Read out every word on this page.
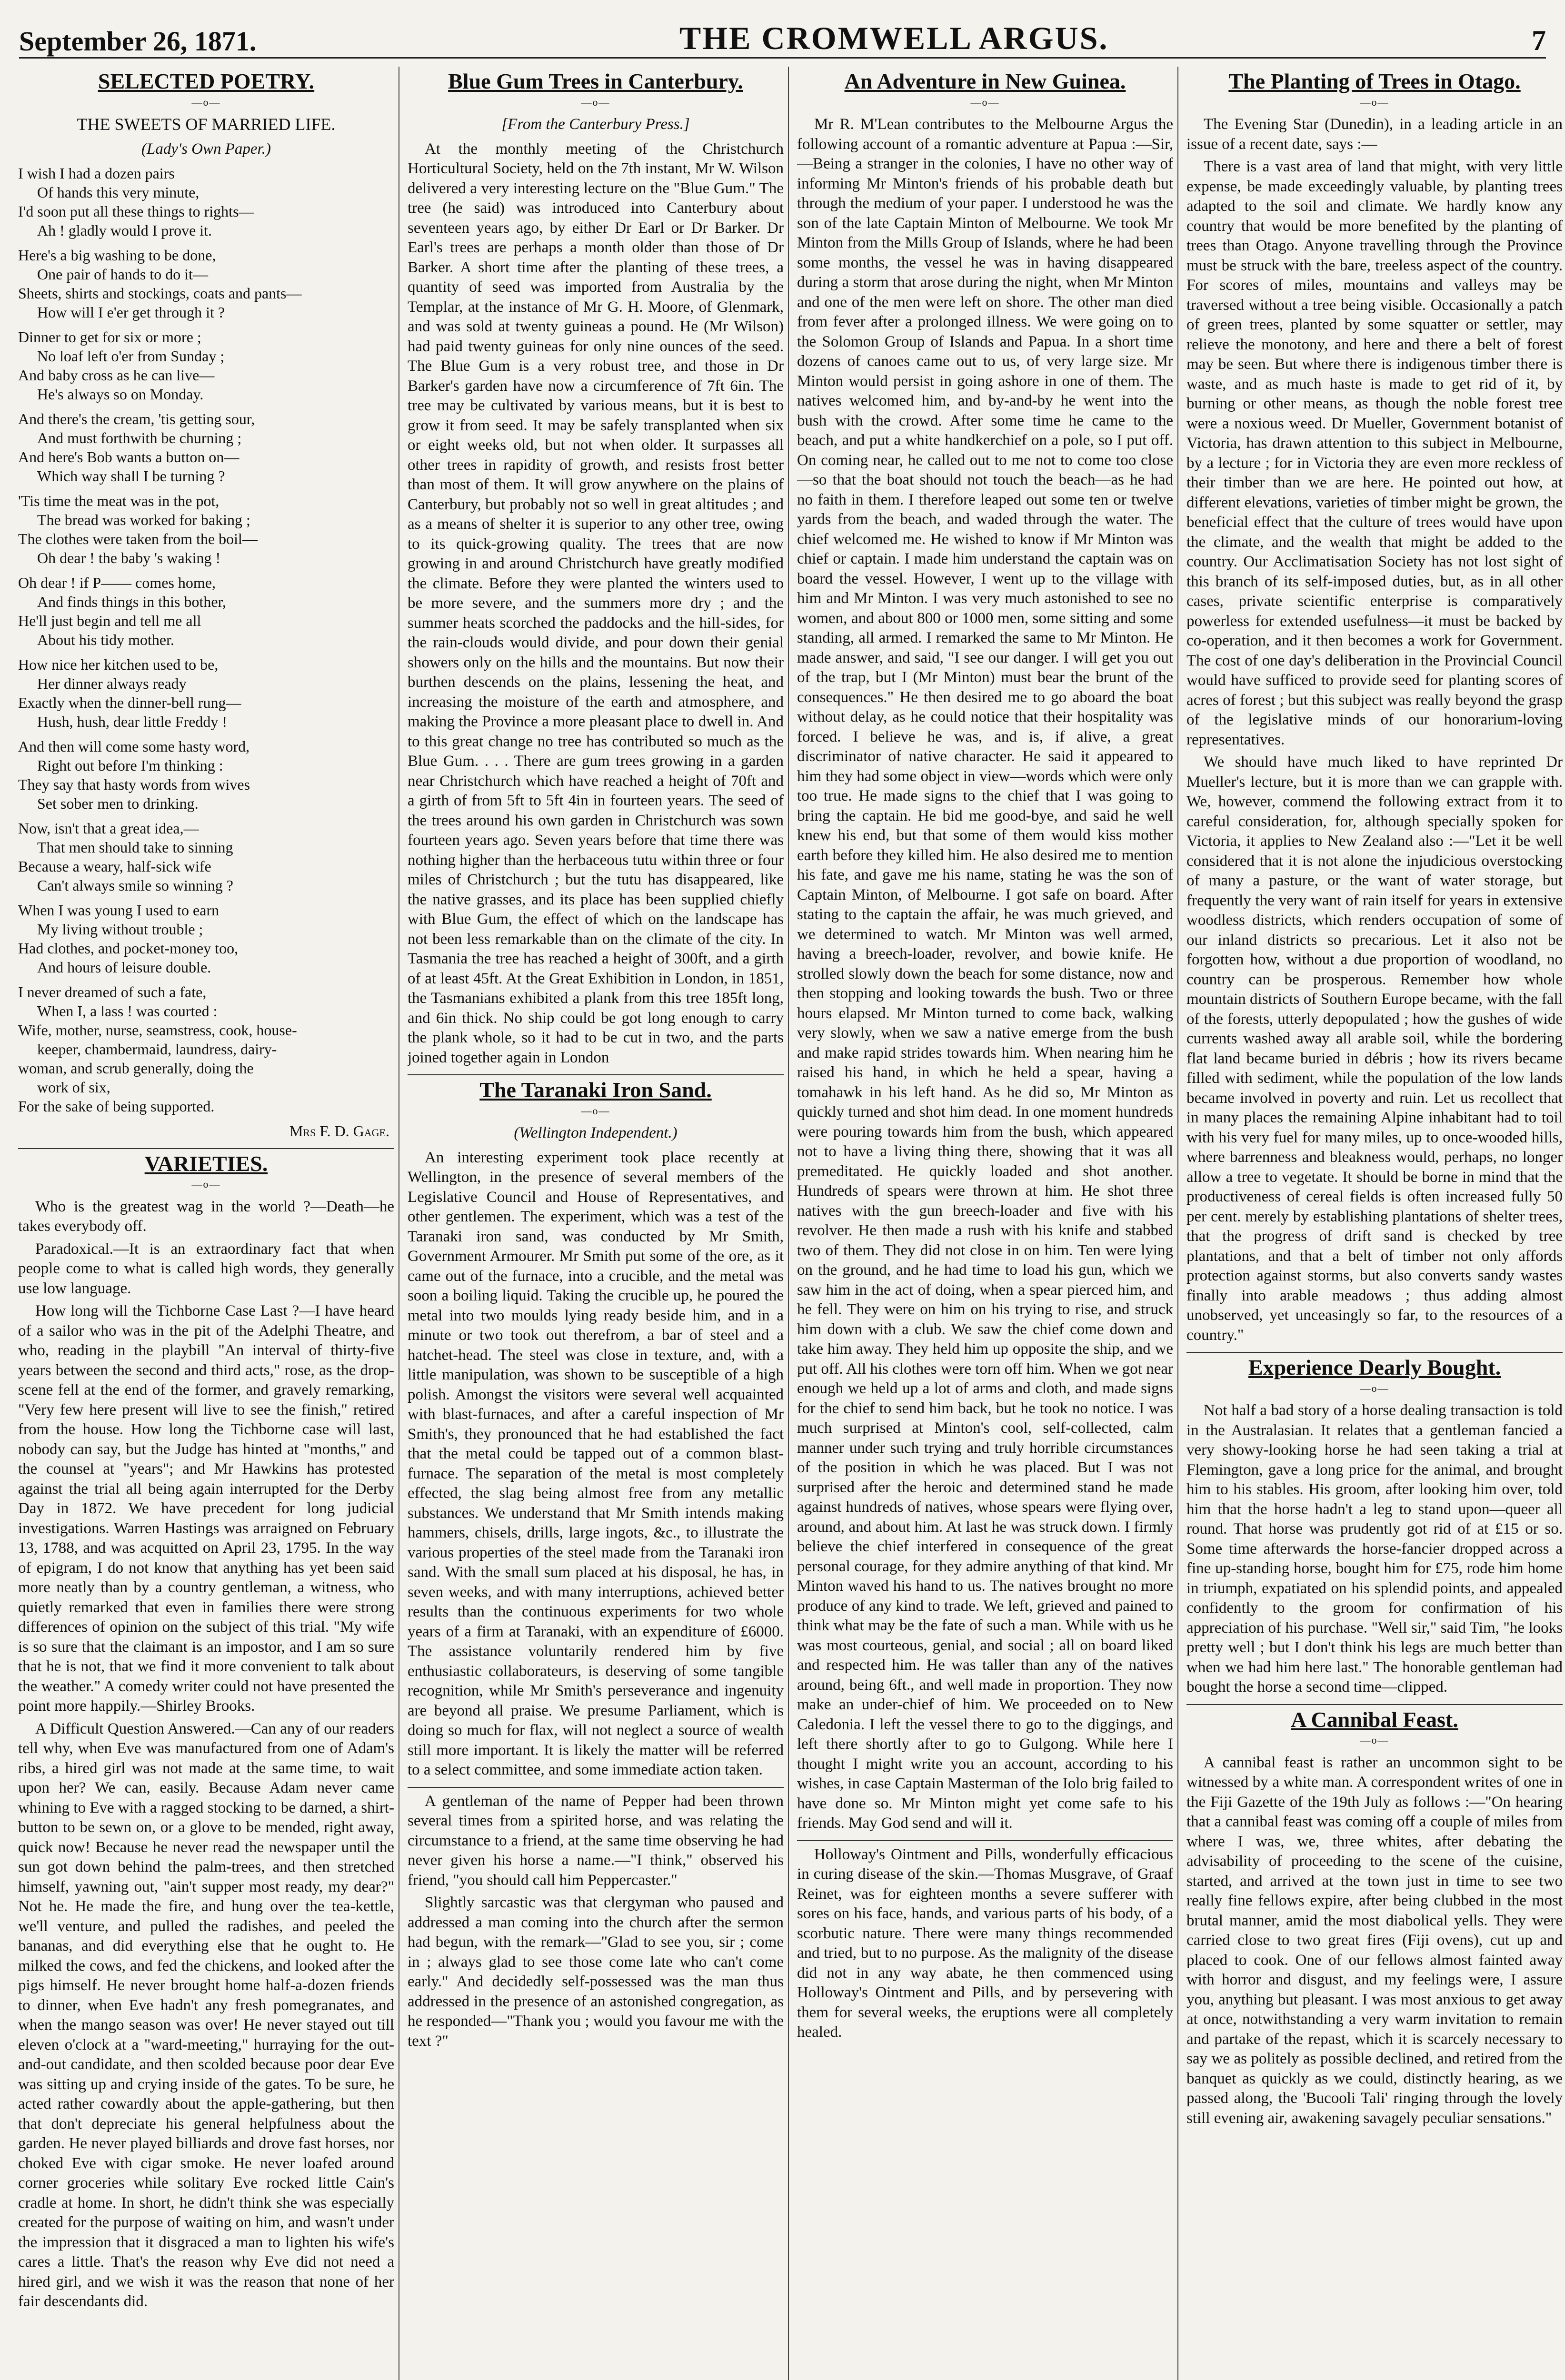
September 26, 1871.	THE CROMWELL ARGUS.	7
SELECTED POETRY.
—o—
THE SWEETS OF MARRIED LIFE.
(Lady's Own Paper.)
I wish I had a dozen pairs
Of hands this very minute,
I'd soon put all these things to rights—
Ah ! gladly would I prove it.
Here's a big washing to be done,
One pair of hands to do it—
Sheets, shirts and stockings, coats and pants—
How will I e'er get through it ?
Dinner to get for six or more ;
No loaf left o'er from Sunday ;
And baby cross as he can live—
He's always so on Monday.
And there's the cream, 'tis getting sour,
And must forthwith be churning ;
And here's Bob wants a button on—
Which way shall I be turning ?
'Tis time the meat was in the pot,
The bread was worked for baking ;
The clothes were taken from the boil—
Oh dear ! the baby 's waking !
Oh dear ! if P—— comes home,
And finds things in this bother,
He'll just begin and tell me all
About his tidy mother.
How nice her kitchen used to be,
Her dinner always ready
Exactly when the dinner-bell rung—
Hush, hush, dear little Freddy !
And then will come some hasty word,
Right out before I'm thinking :
They say that hasty words from wives
Set sober men to drinking.
Now, isn't that a great idea,—
That men should take to sinning
Because a weary, half-sick wife
Can't always smile so winning ?
When I was young I used to earn
My living without trouble ;
Had clothes, and pocket-money too,
And hours of leisure double.
I never dreamed of such a fate,
When I, a lass ! was courted :
Wife, mother, nurse, seamstress, cook, house-
keeper, chambermaid, laundress, dairy-
woman, and scrub generally, doing the
work of six,
For the sake of being supported.
Mrs F. D. Gage.
VARIETIES.
—o—
Who is the greatest wag in the world ?—Death—he takes everybody off.
Paradoxical.—It is an extraordinary fact that when people come to what is called high words, they generally use low language.
How long will the Tichborne Case Last ?—I have heard of a sailor who was in the pit of the Adelphi Theatre, and who, reading in the playbill "An interval of thirty-five years between the second and third acts," rose, as the drop-scene fell at the end of the former, and gravely remarking, "Very few here present will live to see the finish," retired from the house. How long the Tichborne case will last, nobody can say, but the Judge has hinted at "months," and the counsel at "years"; and Mr Hawkins has protested against the trial all being again interrupted for the Derby Day in 1872. We have precedent for long judicial investigations. Warren Hastings was arraigned on February 13, 1788, and was acquitted on April 23, 1795. In the way of epigram, I do not know that anything has yet been said more neatly than by a country gentleman, a witness, who quietly remarked that even in families there were strong differences of opinion on the subject of this trial. "My wife is so sure that the claimant is an impostor, and I am so sure that he is not, that we find it more convenient to talk about the weather." A comedy writer could not have presented the point more happily.—Shirley Brooks.
A Difficult Question Answered.—Can any of our readers tell why, when Eve was manufactured from one of Adam's ribs, a hired girl was not made at the same time, to wait upon her? We can, easily. Because Adam never came whining to Eve with a ragged stocking to be darned, a shirt-button to be sewn on, or a glove to be mended, right away, quick now! Because he never read the newspaper until the sun got down behind the palm-trees, and then stretched himself, yawning out, "ain't supper most ready, my dear?" Not he. He made the fire, and hung over the tea-kettle, we'll venture, and pulled the radishes, and peeled the bananas, and did everything else that he ought to. He milked the cows, and fed the chickens, and looked after the pigs himself. He never brought home half-a-dozen friends to dinner, when Eve hadn't any fresh pomegranates, and when the mango season was over! He never stayed out till eleven o'clock at a "ward-meeting," hurraying for the out-and-out candidate, and then scolded because poor dear Eve was sitting up and crying inside of the gates. To be sure, he acted rather cowardly about the apple-gathering, but then that don't depreciate his general helpfulness about the garden. He never played billiards and drove fast horses, nor choked Eve with cigar smoke. He never loafed around corner groceries while solitary Eve rocked little Cain's cradle at home. In short, he didn't think she was especially created for the purpose of waiting on him, and wasn't under the impression that it disgraced a man to lighten his wife's cares a little. That's the reason why Eve did not need a hired girl, and we wish it was the reason that none of her fair descendants did.
Blue Gum Trees in Canterbury.
—o—
[From the Canterbury Press.]
At the monthly meeting of the Christchurch Horticultural Society, held on the 7th instant, Mr W. Wilson delivered a very interesting lecture on the "Blue Gum." The tree (he said) was introduced into Canterbury about seventeen years ago, by either Dr Earl or Dr Barker. Dr Earl's trees are perhaps a month older than those of Dr Barker. A short time after the planting of these trees, a quantity of seed was imported from Australia by the Templar, at the instance of Mr G. H. Moore, of Glenmark, and was sold at twenty guineas a pound. He (Mr Wilson) had paid twenty guineas for only nine ounces of the seed. The Blue Gum is a very robust tree, and those in Dr Barker's garden have now a circumference of 7ft 6in. The tree may be cultivated by various means, but it is best to grow it from seed. It may be safely transplanted when six or eight weeks old, but not when older. It surpasses all other trees in rapidity of growth, and resists frost better than most of them. It will grow anywhere on the plains of Canterbury, but probably not so well in great altitudes ; and as a means of shelter it is superior to any other tree, owing to its quick-growing quality. The trees that are now growing in and around Christchurch have greatly modified the climate. Before they were planted the winters used to be more severe, and the summers more dry ; and the summer heats scorched the paddocks and the hill-sides, for the rain-clouds would divide, and pour down their genial showers only on the hills and the mountains. But now their burthen descends on the plains, lessening the heat, and increasing the moisture of the earth and atmosphere, and making the Province a more pleasant place to dwell in. And to this great change no tree has contributed so much as the Blue Gum. . . . There are gum trees growing in a garden near Christchurch which have reached a height of 70ft and a girth of from 5ft to 5ft 4in in fourteen years. The seed of the trees around his own garden in Christchurch was sown fourteen years ago. Seven years before that time there was nothing higher than the herbaceous tutu within three or four miles of Christchurch ; but the tutu has disappeared, like the native grasses, and its place has been supplied chiefly with Blue Gum, the effect of which on the landscape has not been less remarkable than on the climate of the city. In Tasmania the tree has reached a height of 300ft, and a girth of at least 45ft. At the Great Exhibition in London, in 1851, the Tasmanians exhibited a plank from this tree 185ft long, and 6in thick. No ship could be got long enough to carry the plank whole, so it had to be cut in two, and the parts joined together again in London
The Taranaki Iron Sand.
—o—
(Wellington Independent.)
An interesting experiment took place recently at Wellington, in the presence of several members of the Legislative Council and House of Representatives, and other gentlemen. The experiment, which was a test of the Taranaki iron sand, was conducted by Mr Smith, Government Armourer. Mr Smith put some of the ore, as it came out of the furnace, into a crucible, and the metal was soon a boiling liquid. Taking the crucible up, he poured the metal into two moulds lying ready beside him, and in a minute or two took out therefrom, a bar of steel and a hatchet-head. The steel was close in texture, and, with a little manipulation, was shown to be susceptible of a high polish. Amongst the visitors were several well acquainted with blast-furnaces, and after a careful inspection of Mr Smith's, they pronounced that he had established the fact that the metal could be tapped out of a common blast-furnace. The separation of the metal is most completely effected, the slag being almost free from any metallic substances. We understand that Mr Smith intends making hammers, chisels, drills, large ingots, &c., to illustrate the various properties of the steel made from the Taranaki iron sand. With the small sum placed at his disposal, he has, in seven weeks, and with many interruptions, achieved better results than the continuous experiments for two whole years of a firm at Taranaki, with an expenditure of £6000. The assistance voluntarily rendered him by five enthusiastic collaborateurs, is deserving of some tangible recognition, while Mr Smith's perseverance and ingenuity are beyond all praise. We presume Parliament, which is doing so much for flax, will not neglect a source of wealth still more important. It is likely the matter will be referred to a select committee, and some immediate action taken.
A gentleman of the name of Pepper had been thrown several times from a spirited horse, and was relating the circumstance to a friend, at the same time observing he had never given his horse a name.—"I think," observed his friend, "you should call him Peppercaster."
Slightly sarcastic was that clergyman who paused and addressed a man coming into the church after the sermon had begun, with the remark—"Glad to see you, sir ; come in ; always glad to see those come late who can't come early." And decidedly self-possessed was the man thus addressed in the presence of an astonished congregation, as he responded—"Thank you ; would you favour me with the text ?"
An Adventure in New Guinea.
—o—
Mr R. M'Lean contributes to the Melbourne Argus the following account of a romantic adventure at Papua :—Sir,—Being a stranger in the colonies, I have no other way of informing Mr Minton's friends of his probable death but through the medium of your paper. I understood he was the son of the late Captain Minton of Melbourne. We took Mr Minton from the Mills Group of Islands, where he had been some months, the vessel he was in having disappeared during a storm that arose during the night, when Mr Minton and one of the men were left on shore. The other man died from fever after a prolonged illness. We were going on to the Solomon Group of Islands and Papua. In a short time dozens of canoes came out to us, of very large size. Mr Minton would persist in going ashore in one of them. The natives welcomed him, and by-and-by he went into the bush with the crowd. After some time he came to the beach, and put a white handkerchief on a pole, so I put off. On coming near, he called out to me not to come too close—so that the boat should not touch the beach—as he had no faith in them. I therefore leaped out some ten or twelve yards from the beach, and waded through the water. The chief welcomed me. He wished to know if Mr Minton was chief or captain. I made him understand the captain was on board the vessel. However, I went up to the village with him and Mr Minton. I was very much astonished to see no women, and about 800 or 1000 men, some sitting and some standing, all armed. I remarked the same to Mr Minton. He made answer, and said, "I see our danger. I will get you out of the trap, but I (Mr Minton) must bear the brunt of the consequences." He then desired me to go aboard the boat without delay, as he could notice that their hospitality was forced. I believe he was, and is, if alive, a great discriminator of native character. He said it appeared to him they had some object in view—words which were only too true. He made signs to the chief that I was going to bring the captain. He bid me good-bye, and said he well knew his end, but that some of them would kiss mother earth before they killed him. He also desired me to mention his fate, and gave me his name, stating he was the son of Captain Minton, of Melbourne. I got safe on board. After stating to the captain the affair, he was much grieved, and we determined to watch. Mr Minton was well armed, having a breech-loader, revolver, and bowie knife. He strolled slowly down the beach for some distance, now and then stopping and looking towards the bush. Two or three hours elapsed. Mr Minton turned to come back, walking very slowly, when we saw a native emerge from the bush and make rapid strides towards him. When nearing him he raised his hand, in which he held a spear, having a tomahawk in his left hand. As he did so, Mr Minton as quickly turned and shot him dead. In one moment hundreds were pouring towards him from the bush, which appeared not to have a living thing there, showing that it was all premeditated. He quickly loaded and shot another. Hundreds of spears were thrown at him. He shot three natives with the gun breech-loader and five with his revolver. He then made a rush with his knife and stabbed two of them. They did not close in on him. Ten were lying on the ground, and he had time to load his gun, which we saw him in the act of doing, when a spear pierced him, and he fell. They were on him on his trying to rise, and struck him down with a club. We saw the chief come down and take him away. They held him up opposite the ship, and we put off. All his clothes were torn off him. When we got near enough we held up a lot of arms and cloth, and made signs for the chief to send him back, but he took no notice. I was much surprised at Minton's cool, self-collected, calm manner under such trying and truly horrible circumstances of the position in which he was placed. But I was not surprised after the heroic and determined stand he made against hundreds of natives, whose spears were flying over, around, and about him. At last he was struck down. I firmly believe the chief interfered in consequence of the great personal courage, for they admire anything of that kind. Mr Minton waved his hand to us. The natives brought no more produce of any kind to trade. We left, grieved and pained to think what may be the fate of such a man. While with us he was most courteous, genial, and social ; all on board liked and respected him. He was taller than any of the natives around, being 6ft., and well made in proportion. They now make an under-chief of him. We proceeded on to New Caledonia. I left the vessel there to go to the diggings, and left there shortly after to go to Gulgong. While here I thought I might write you an account, according to his wishes, in case Captain Masterman of the Iolo brig failed to have done so. Mr Minton might yet come safe to his friends. May God send and will it.
Holloway's Ointment and Pills, wonderfully efficacious in curing disease of the skin.—Thomas Musgrave, of Graaf Reinet, was for eighteen months a severe sufferer with sores on his face, hands, and various parts of his body, of a scorbutic nature. There were many things recommended and tried, but to no purpose. As the malignity of the disease did not in any way abate, he then commenced using Holloway's Ointment and Pills, and by persevering with them for several weeks, the eruptions were all completely healed.
The Planting of Trees in Otago.
—o—
The Evening Star (Dunedin), in a leading article in an issue of a recent date, says :—
There is a vast area of land that might, with very little expense, be made exceedingly valuable, by planting trees adapted to the soil and climate. We hardly know any country that would be more benefited by the planting of trees than Otago. Anyone travelling through the Province must be struck with the bare, treeless aspect of the country. For scores of miles, mountains and valleys may be traversed without a tree being visible. Occasionally a patch of green trees, planted by some squatter or settler, may relieve the monotony, and here and there a belt of forest may be seen. But where there is indigenous timber there is waste, and as much haste is made to get rid of it, by burning or other means, as though the noble forest tree were a noxious weed. Dr Mueller, Government botanist of Victoria, has drawn attention to this subject in Melbourne, by a lecture ; for in Victoria they are even more reckless of their timber than we are here. He pointed out how, at different elevations, varieties of timber might be grown, the beneficial effect that the culture of trees would have upon the climate, and the wealth that might be added to the country. Our Acclimatisation Society has not lost sight of this branch of its self-imposed duties, but, as in all other cases, private scientific enterprise is comparatively powerless for extended usefulness—it must be backed by co-operation, and it then becomes a work for Government. The cost of one day's deliberation in the Provincial Council would have sufficed to provide seed for planting scores of acres of forest ; but this subject was really beyond the grasp of the legislative minds of our honorarium-loving representatives.
We should have much liked to have reprinted Dr Mueller's lecture, but it is more than we can grapple with. We, however, commend the following extract from it to careful consideration, for, although specially spoken for Victoria, it applies to New Zealand also :—"Let it be well considered that it is not alone the injudicious overstocking of many a pasture, or the want of water storage, but frequently the very want of rain itself for years in extensive woodless districts, which renders occupation of some of our inland districts so precarious. Let it also not be forgotten how, without a due proportion of woodland, no country can be prosperous. Remember how whole mountain districts of Southern Europe became, with the fall of the forests, utterly depopulated ; how the gushes of wide currents washed away all arable soil, while the bordering flat land became buried in débris ; how its rivers became filled with sediment, while the population of the low lands became involved in poverty and ruin. Let us recollect that in many places the remaining Alpine inhabitant had to toil with his very fuel for many miles, up to once-wooded hills, where barrenness and bleakness would, perhaps, no longer allow a tree to vegetate. It should be borne in mind that the productiveness of cereal fields is often increased fully 50 per cent. merely by establishing plantations of shelter trees, that the progress of drift sand is checked by tree plantations, and that a belt of timber not only affords protection against storms, but also converts sandy wastes finally into arable meadows ; thus adding almost unobserved, yet unceasingly so far, to the resources of a country."
Experience Dearly Bought.
—o—
Not half a bad story of a horse dealing transaction is told in the Australasian. It relates that a gentleman fancied a very showy-looking horse he had seen taking a trial at Flemington, gave a long price for the animal, and brought him to his stables. His groom, after looking him over, told him that the horse hadn't a leg to stand upon—queer all round. That horse was prudently got rid of at £15 or so. Some time afterwards the horse-fancier dropped across a fine up-standing horse, bought him for £75, rode him home in triumph, expatiated on his splendid points, and appealed confidently to the groom for confirmation of his appreciation of his purchase. "Well sir," said Tim, "he looks pretty well ; but I don't think his legs are much better than when we had him here last." The honorable gentleman had bought the horse a second time—clipped.
A Cannibal Feast.
—o—
A cannibal feast is rather an uncommon sight to be witnessed by a white man. A correspondent writes of one in the Fiji Gazette of the 19th July as follows :—"On hearing that a cannibal feast was coming off a couple of miles from where I was, we, three whites, after debating the advisability of proceeding to the scene of the cuisine, started, and arrived at the town just in time to see two really fine fellows expire, after being clubbed in the most brutal manner, amid the most diabolical yells. They were carried close to two great fires (Fiji ovens), cut up and placed to cook. One of our fellows almost fainted away with horror and disgust, and my feelings were, I assure you, anything but pleasant. I was most anxious to get away at once, notwithstanding a very warm invitation to remain and partake of the repast, which it is scarcely necessary to say we as politely as possible declined, and retired from the banquet as quickly as we could, distinctly hearing, as we passed along, the 'Bucooli Tali' ringing through the lovely still evening air, awakening savagely peculiar sensations."
